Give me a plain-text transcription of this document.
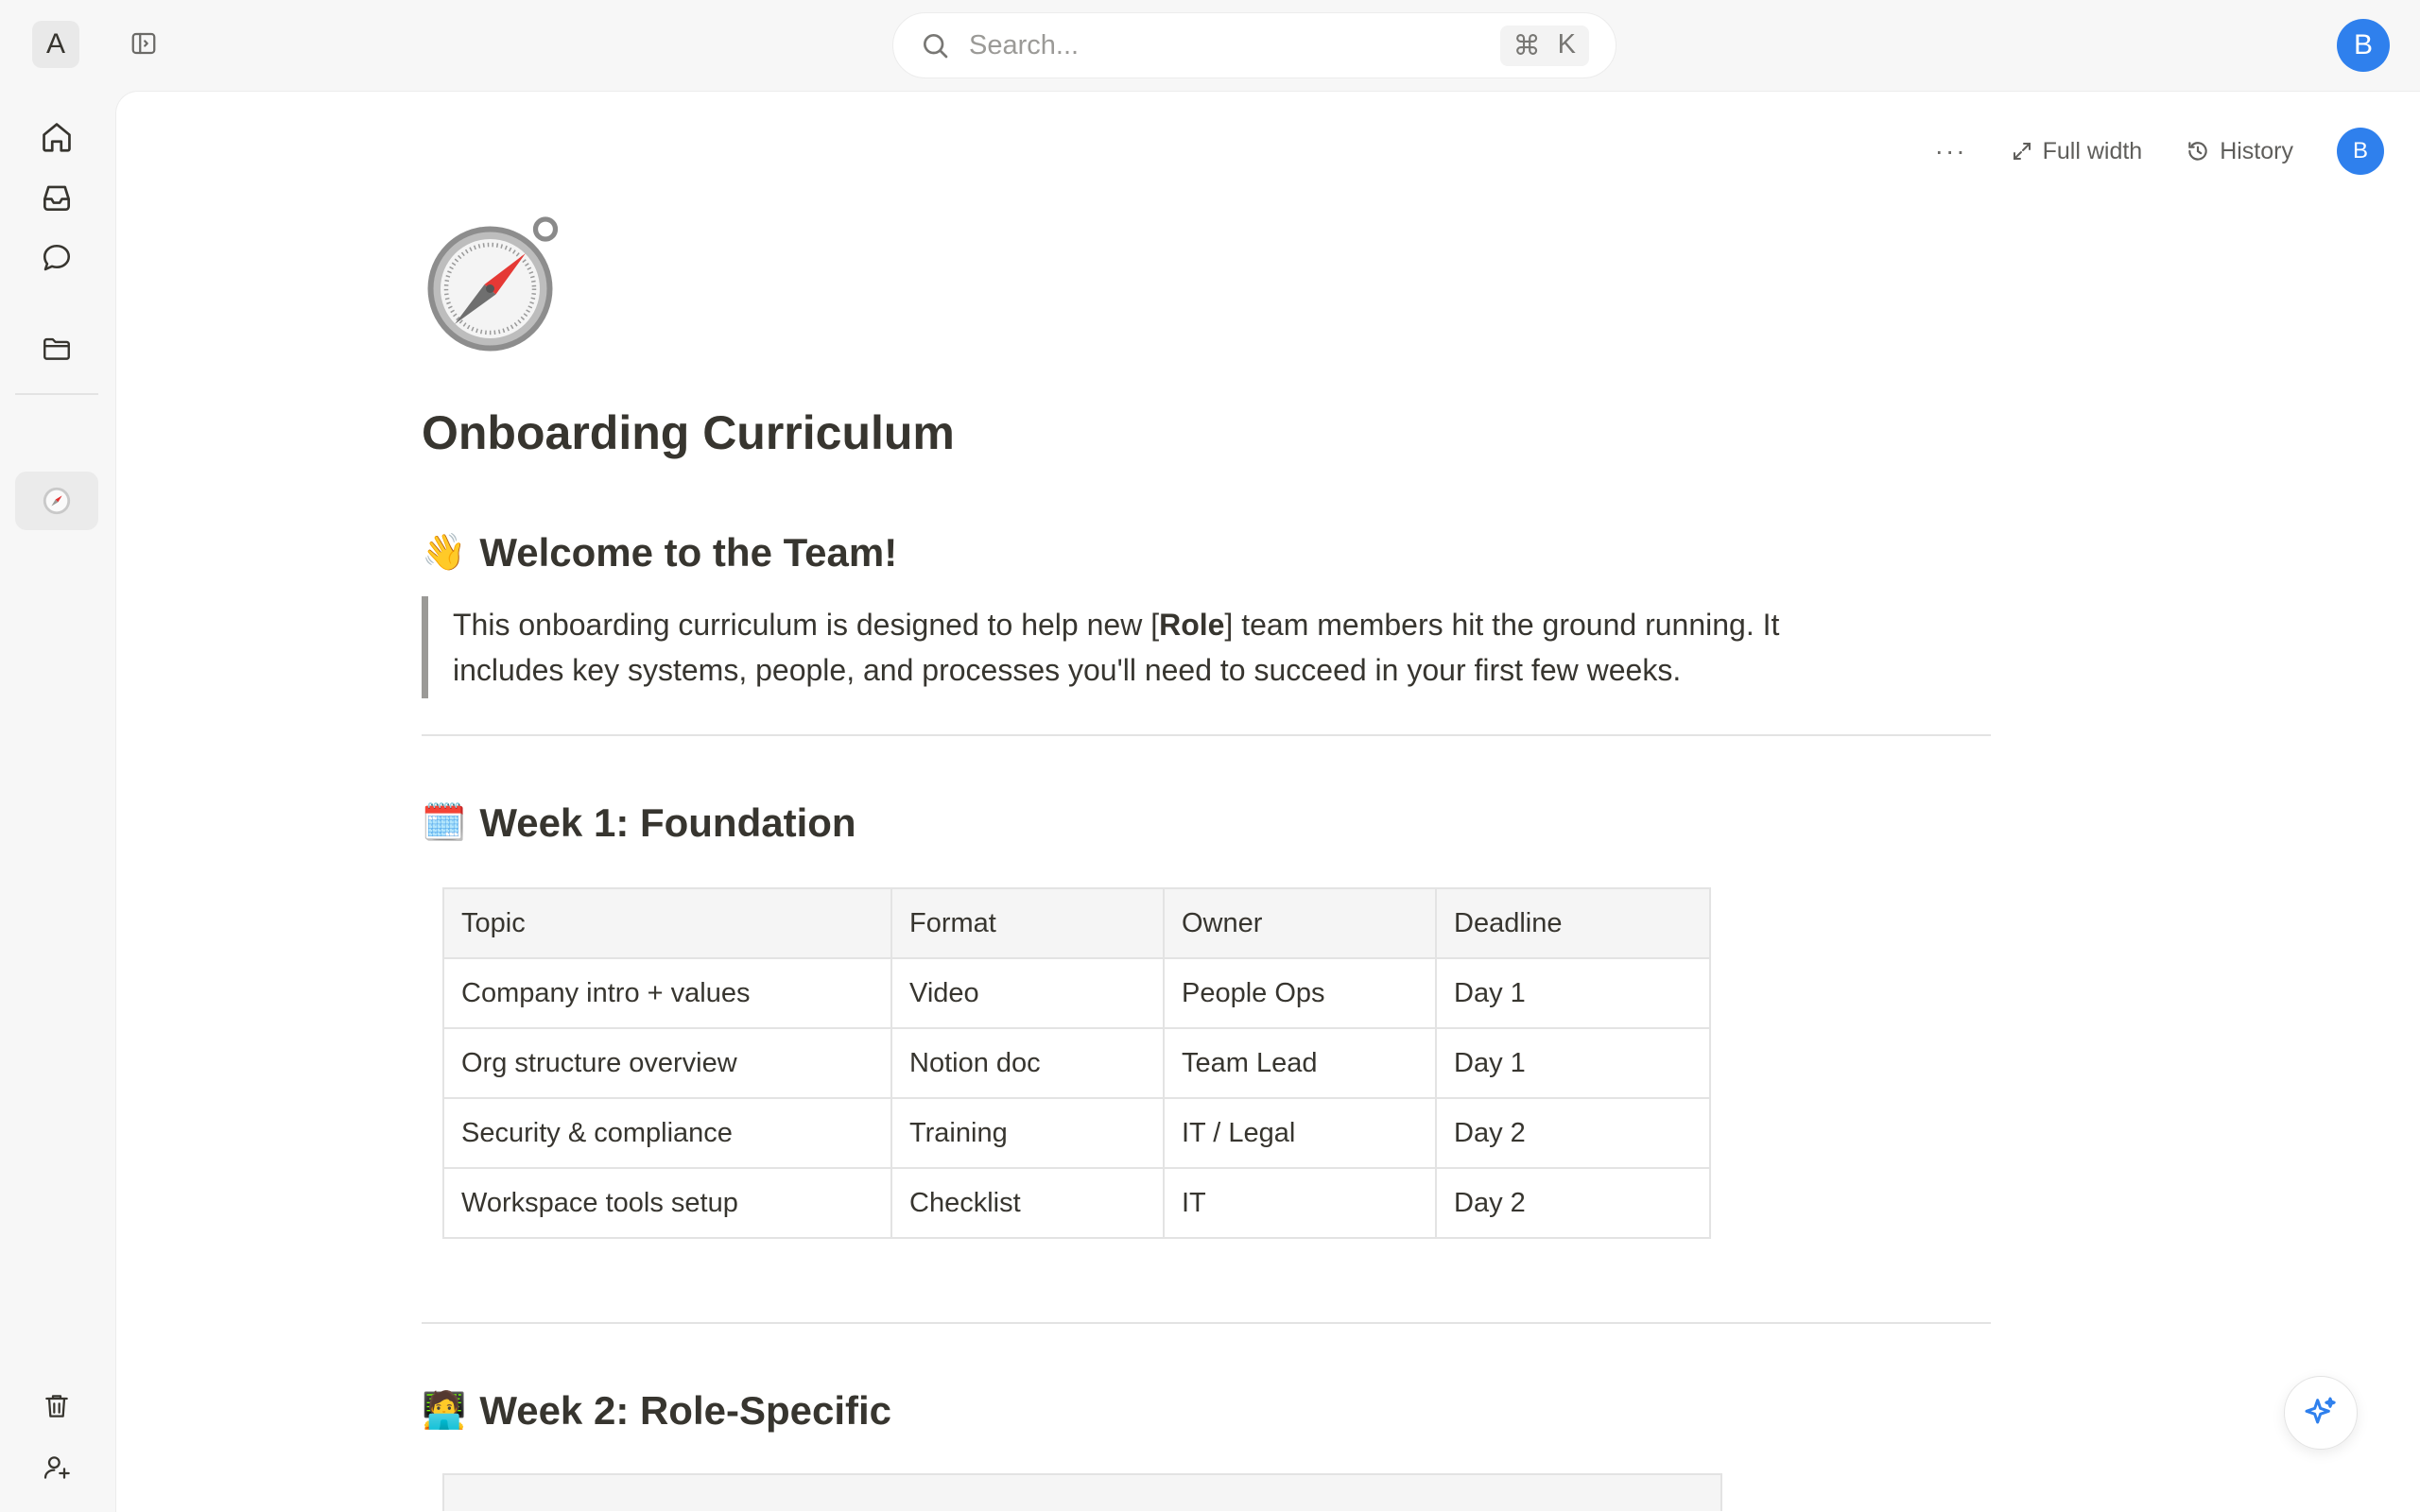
A	Search...	⌘ K	B
···	Full width	History	B
Onboarding Curriculum
👋 Welcome to the Team!
This onboarding curriculum is designed to help new [Role] team members hit the ground running. It includes key systems, people, and processes you'll need to succeed in your first few weeks.
🗓️ Week 1: Foundation
Topic	Format	Owner	Deadline
Company intro + values	Video	People Ops	Day 1
Org structure overview	Notion doc	Team Lead	Day 1
Security & compliance	Training	IT / Legal	Day 2
Workspace tools setup	Checklist	IT	Day 2
🧑‍💻 Week 2: Role-Specific
